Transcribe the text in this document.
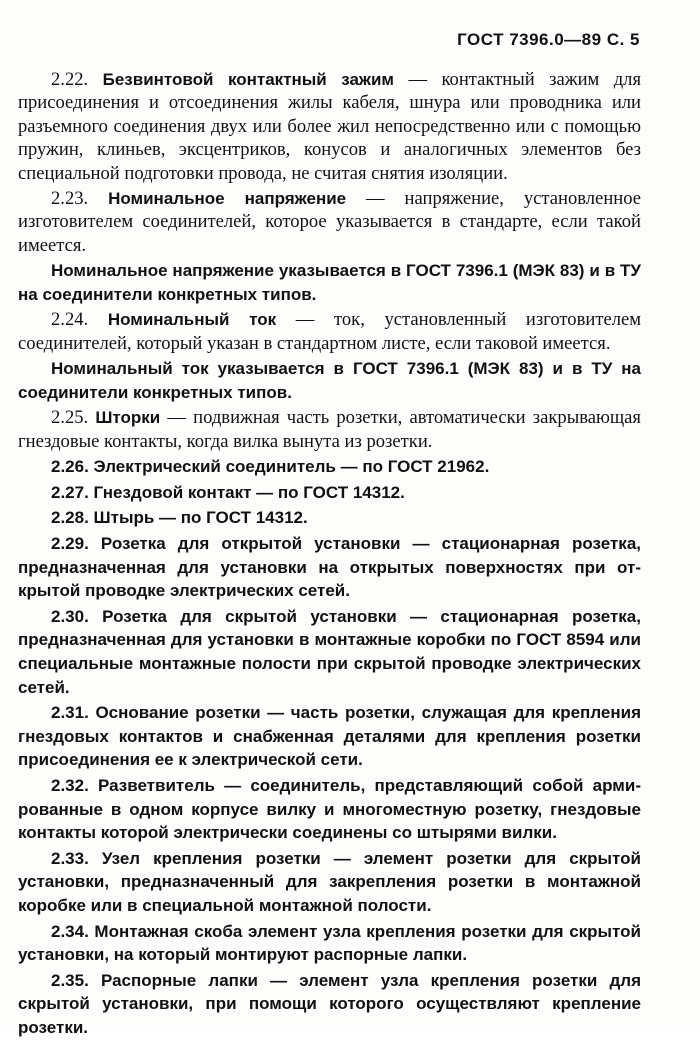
ГОСТ 7396.0—89 С. 5

2.22. Безвинтовой контактный зажим — контактный зажим для присоединения и отсоединения жилы кабеля, шнура или проводника или разъемного соединения двух или более жил непосредственно или с помощью пружин, клиньев, эксцентриков, конусов и аналогичных элементов без специальной подготовки провода, не считая снятия изоляции.

2.23. Номинальное напряжение — напряжение, установленное изготовителем соединителей, которое указывается в стандарте, если такой имеется.

Номинальное напряжение указывается в ГОСТ 7396.1 (МЭК 83) и в ТУ на соединители конкретных типов.

2.24. Номинальный ток — ток, установленный изготовителем соединителей, который указан в стандартном листе, если таковой имеется.

Номинальный ток указывается в ГОСТ 7396.1 (МЭК 83) и в ТУ на соединители конкретных типов.

2.25. Шторки — подвижная часть розетки, автоматически закрывающая гнездовые контакты, когда вилка вынута из розетки.

2.26. Электрический соединитель — по ГОСТ 21962.

2.27. Гнездовой контакт — по ГОСТ 14312.

2.28. Штырь — по ГОСТ 14312.

2.29. Розетка для открытой установки — стационарная розетка, предназначенная для установки на открытых поверхностях при открытой проводке электрических сетей.

2.30. Розетка для скрытой установки — стационарная розетка, предназначенная для установки в монтажные коробки по ГОСТ 8594 или специальные монтажные полости при скрытой проводке электрических сетей.

2.31. Основание розетки — часть розетки, служащая для крепления гнездовых контактов и снабженная деталями для крепления розетки присоединения ее к электрической сети.

2.32. Разветвитель — соединитель, представляющий собой армированные в одном корпусе вилку и многоместную розетку, гнездовые контакты которой электрически соединены со штырями вилки.

2.33. Узел крепления розетки — элемент розетки для скрытой установки, предназначенный для закрепления розетки в монтажной коробке или в специальной монтажной полости.

2.34. Монтажная скоба элемент узла крепления розетки для скрытой установки, на который монтируют распорные лапки.

2.35. Распорные лапки — элемент узла крепления розетки для скрытой установки, при помощи которого осуществляют крепление розетки.
